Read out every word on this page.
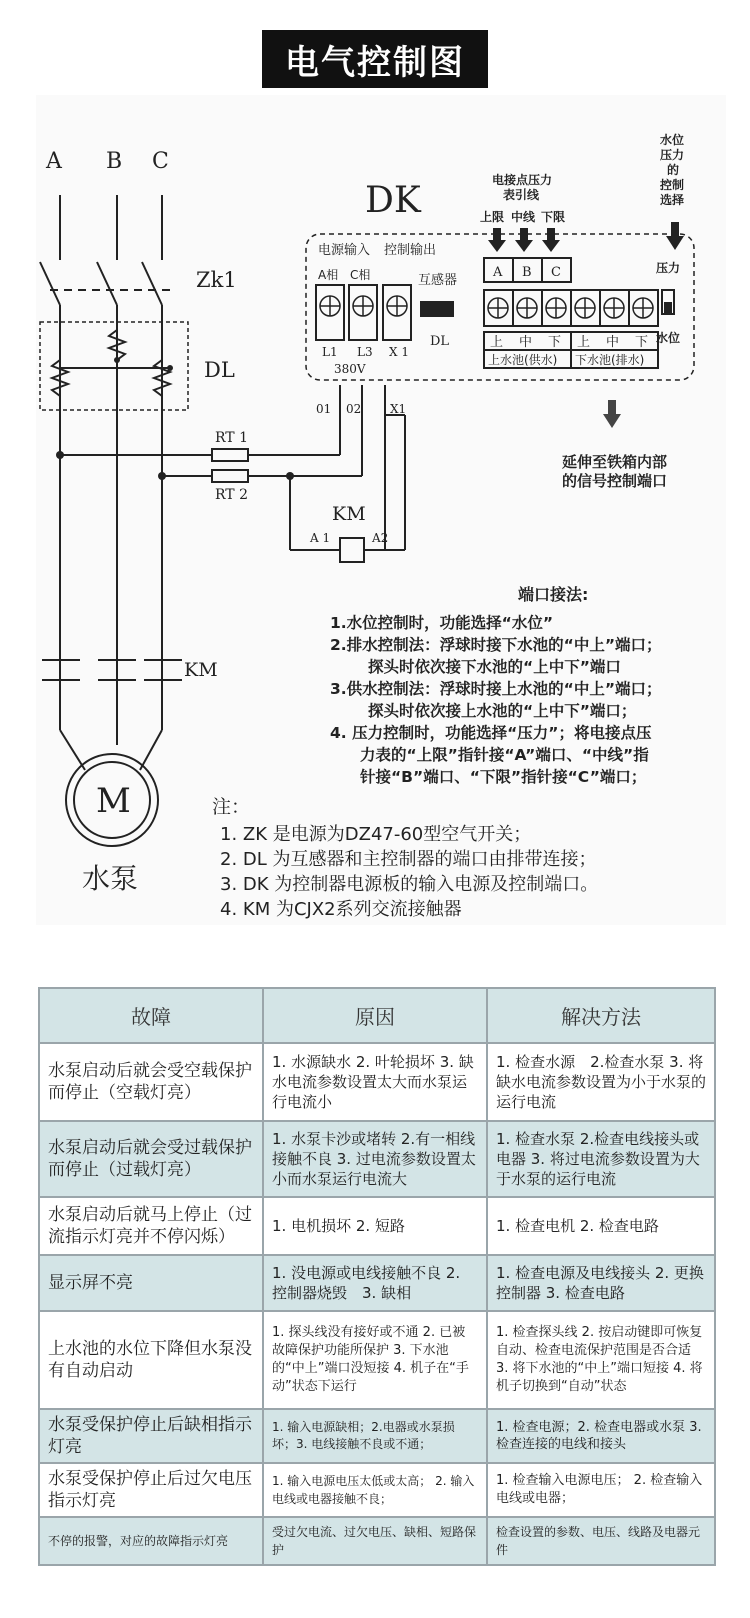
电气控制图
A B C
Zk1
DL
DK
RT 1
RT 2
KM
A 1	A2
KM
M
水泵
电源输入 控制输出
A相 C相	互感器
DL
L1 L3 X 1
380V
01 02 X1
电接点压力
表引线
上限 中线 下限
A B C
上 中 下 上 中 下
上水池(供水) 下水池(排水)
水位
压力
的
控制
选择
压力
水位
延伸至铁箱内部
的信号控制端口
端口接法:

1.水位控制时，功能选择“水位”

2.排水控制法：浮球时接下水池的“中上”端口；

探头时依次接下水池的“上中下”端口

3.供水控制法：浮球时接上水池的“中上”端口；

探头时依次接上水池的“上中下”端口；

4. 压力控制时，功能选择“压力”；将电接点压

力表的“上限”指针接“A”端口、“中线”指

针接“B”端口、“下限”指针接“C”端口；

注：
1. ZK 是电源为DZ47-60型空气开关；
2. DL 为互感器和主控制器的端口由排带连接；
3. DK 为控制器电源板的输入电源及控制端口。
4. KM 为CJX2系列交流接触器
故障	原因	解决方法
水泵启动后就会受空载保护而停止（空载灯亮）	1. 水源缺水 2. 叶轮损坏 3. 缺水电流参数设置太大而水泵运行电流小	1. 检查水源　2.检查水泵 3. 将缺水电流参数设置为小于水泵的运行电流
水泵启动后就会受过载保护而停止（过载灯亮）	1. 水泵卡沙或堵转 2.有一相线接触不良 3. 过电流参数设置太小而水泵运行电流大	1. 检查水泵 2.检查电线接头或电器 3. 将过电流参数设置为大于水泵的运行电流
水泵启动后就马上停止（过流指示灯亮并不停闪烁）	1. 电机损坏 2. 短路	1. 检查电机 2. 检查电路
显示屏不亮	1. 没电源或电线接触不良 2. 控制器烧毁　3. 缺相	1. 检查电源及电线接头 2. 更换控制器 3. 检查电路
上水池的水位下降但水泵没有自动启动	1. 探头线没有接好或不通 2. 已被故障保护功能所保护 3. 下水池的“中上”端口没短接 4. 机子在“手动”状态下运行	1. 检查探头线 2. 按启动键即可恢复自动、检查电流保护范围是否合适 3. 将下水池的“中上”端口短接 4. 将机子切换到“自动”状态
水泵受保护停止后缺相指示灯亮	1. 输入电源缺相；2.电器或水泵损坏；3. 电线接触不良或不通；	1. 检查电源；2. 检查电器或水泵 3. 检查连接的电线和接头
水泵受保护停止后过欠电压指示灯亮	1. 输入电源电压太低或太高； 2. 输入电线或电器接触不良；	1. 检查输入电源电压； 2. 检查输入电线或电器；
不停的报警，对应的故障指示灯亮	受过欠电流、过欠电压、缺相、短路保护	检查设置的参数、电压、线路及电器元件
